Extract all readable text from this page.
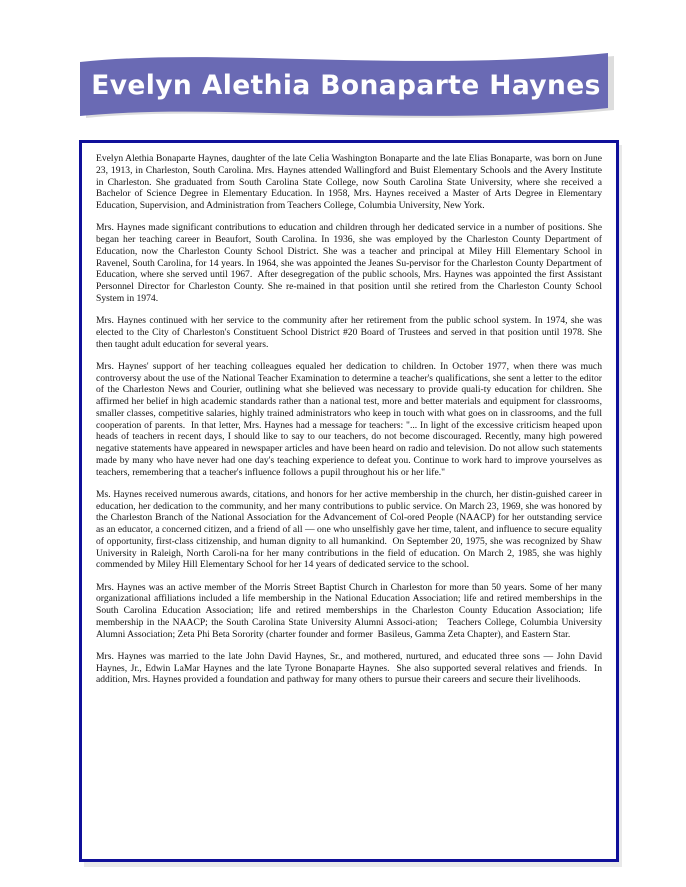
Evelyn Alethia Bonaparte Haynes

Evelyn Alethia Bonaparte Haynes, daughter of the late Celia Washington Bonaparte and the late Elias Bonaparte, was born on June 23, 1913, in Charleston, South Carolina. Mrs. Haynes attended Wallingford and Buist Elementary Schools and the Avery Institute in Charleston. She graduated from South Carolina State College, now South Carolina State University, where she received a Bachelor of Science Degree in Elementary Education. In 1958, Mrs. Haynes received a Master of Arts Degree in Elementary Education, Supervision, and Administration from Teachers College, Columbia University, New York.

Mrs. Haynes made significant contributions to education and children through her dedicated service in a number of positions. She began her teaching career in Beaufort, South Carolina. In 1936, she was employed by the Charleston County Department of Education, now the Charleston County School District. She was a teacher and principal at Miley Hill Elementary School in Ravenel, South Carolina, for 14 years. In 1964, she was appointed the Jeanes Su-pervisor for the Charleston County Department of Education, where she served until 1967.  After desegregation of the public schools, Mrs. Haynes was appointed the first Assistant Personnel Director for Charleston County. She re-mained in that position until she retired from the Charleston County School System in 1974.

Mrs. Haynes continued with her service to the community after her retirement from the public school system. In 1974, she was elected to the City of Charleston's Constituent School District #20 Board of Trustees and served in that position until 1978. She then taught adult education for several years.

Mrs. Haynes' support of her teaching colleagues equaled her dedication to children. In October 1977, when there was much controversy about the use of the National Teacher Examination to determine a teacher's qualifications, she sent a letter to the editor of the Charleston News and Courier, outlining what she believed was necessary to provide quali-ty education for children. She affirmed her belief in high academic standards rather than a national test, more and better materials and equipment for classrooms, smaller classes, competitive salaries, highly trained administrators who keep in touch with what goes on in classrooms, and the full cooperation of parents.  In that letter, Mrs. Haynes had a message for teachers: "... In light of the excessive criticism heaped upon heads of teachers in recent days, I should like to say to our teachers, do not become discouraged. Recently, many high powered negative statements have appeared in newspaper articles and have been heard on radio and television. Do not allow such statements made by many who have never had one day's teaching experience to defeat you. Continue to work hard to improve yourselves as teachers, remembering that a teacher's influence follows a pupil throughout his or her life."

Ms. Haynes received numerous awards, citations, and honors for her active membership in the church, her distin-guished career in education, her dedication to the community, and her many contributions to public service. On March 23, 1969, she was honored by the Charleston Branch of the National Association for the Advancement of Col-ored People (NAACP) for her outstanding service as an educator, a concerned citizen, and a friend of all — one who unselfishly gave her time, talent, and influence to secure equality of opportunity, first-class citizenship, and human dignity to all humankind.  On September 20, 1975, she was recognized by Shaw University in Raleigh, North Caroli-na for her many contributions in the field of education. On March 2, 1985, she was highly commended by Miley Hill Elementary School for her 14 years of dedicated service to the school.

Mrs. Haynes was an active member of the Morris Street Baptist Church in Charleston for more than 50 years. Some of her many organizational affiliations included a life membership in the National Education Association; life and retired memberships in the South Carolina Education Association; life and retired memberships in the Charleston County Education Association; life membership in the NAACP; the South Carolina State University Alumni Associ-ation;   Teachers College, Columbia University Alumni Association; Zeta Phi Beta Sorority (charter founder and former  Basileus, Gamma Zeta Chapter), and Eastern Star.

Mrs. Haynes was married to the late John David Haynes, Sr., and mothered, nurtured, and educated three sons — John David Haynes, Jr., Edwin LaMar Haynes and the late Tyrone Bonaparte Haynes.  She also supported several relatives and friends.  In addition, Mrs. Haynes provided a foundation and pathway for many others to pursue their careers and secure their livelihoods.
